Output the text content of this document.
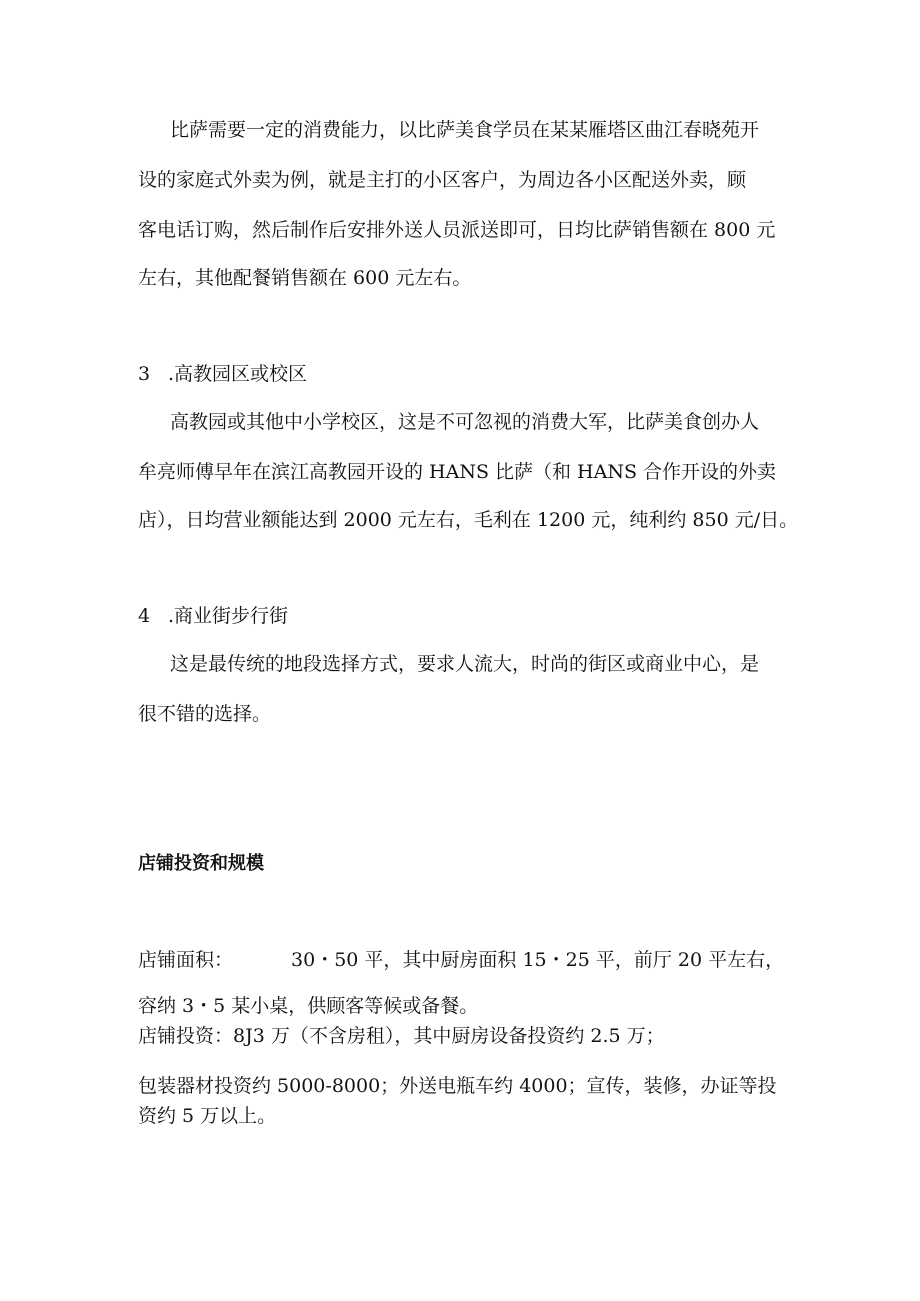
比萨需要一定的消费能力，以比萨美食学员在某某雁塔区曲江春晓苑开
设的家庭式外卖为例，就是主打的小区客户，为周边各小区配送外卖，顾
客电话订购，然后制作后安排外送人员派送即可，日均比萨销售额在 800 元
左右，其他配餐销售额在 600 元左右。
3 .高教园区或校区
高教园或其他中小学校区，这是不可忽视的消费大军，比萨美食创办人
牟亮师傅早年在滨江高教园开设的 HANS 比萨（和 HANS 合作开设的外卖
店），日均营业额能达到 2000 元左右，毛利在 1200 元，纯利约 850 元/日。
4 .商业街步行街
这是最传统的地段选择方式，要求人流大，时尚的街区或商业中心，是
很不错的选择。
店铺投资和规模
店铺面积：	30・50 平，其中厨房面积 15・25 平，前厅 20 平左右，
容纳 3・5 某小桌，供顾客等候或备餐。
店铺投资：8J3 万（不含房租），其中厨房设备投资约 2.5 万；
包装器材投资约 5000-8000；外送电瓶车约 4000；宣传，装修，办证等投
资约 5 万以上。
